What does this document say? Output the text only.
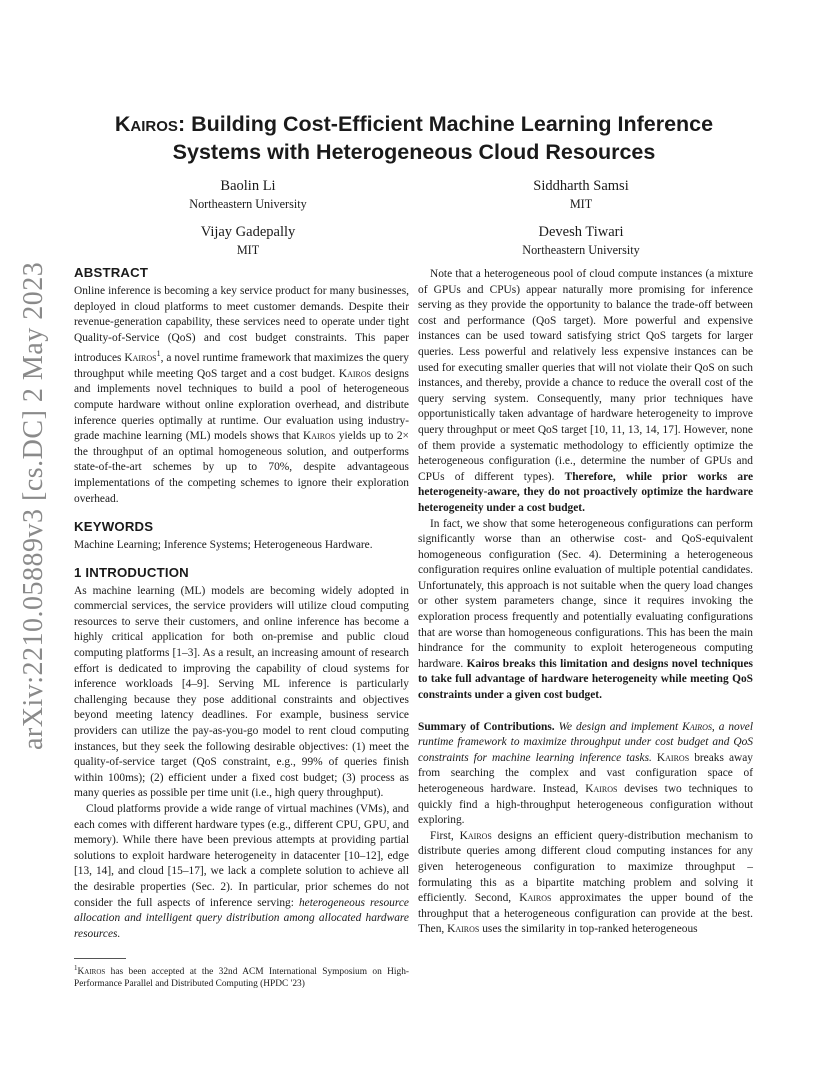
arXiv:2210.05889v3 [cs.DC] 2 May 2023
Kairos: Building Cost-Efficient Machine Learning Inference
Systems with Heterogeneous Cloud Resources
Baolin Li
Northeastern University
Siddharth Samsi
MIT
Vijay Gadepally
MIT
Devesh Tiwari
Northeastern University
ABSTRACT

Online inference is becoming a key service product for many businesses, deployed in cloud platforms to meet customer demands. Despite their revenue-generation capability, these services need to operate under tight Quality-of-Service (QoS) and cost budget constraints. This paper introduces Kairos$^1$, a novel runtime framework that maximizes the query throughput while meeting QoS target and a cost budget. Kairos designs and implements novel techniques to build a pool of heterogeneous compute hardware without online exploration overhead, and distribute inference queries optimally at runtime. Our evaluation using industry-grade machine learning (ML) models shows that Kairos yields up to 2× the throughput of an optimal homogeneous solution, and outperforms state-of-the-art schemes by up to 70%, despite advantageous implementations of the competing schemes to ignore their exploration overhead.

KEYWORDS

Machine Learning; Inference Systems; Heterogeneous Hardware.

1 INTRODUCTION

As machine learning (ML) models are becoming widely adopted in commercial services, the service providers will utilize cloud computing resources to serve their customers, and online inference has become a highly critical application for both on-premise and public cloud computing platforms [1–3]. As a result, an increasing amount of research effort is dedicated to improving the capability of cloud systems for inference workloads [4–9]. Serving ML inference is particularly challenging because they pose additional constraints and objectives beyond meeting latency deadlines. For example, business service providers can utilize the pay-as-you-go model to rent cloud computing instances, but they seek the following desirable objectives: (1) meet the quality-of-service target (QoS constraint, e.g., 99% of queries finish within 100ms); (2) efficient under a fixed cost budget; (3) process as many queries as possible per time unit (i.e., high query throughput).

Cloud platforms provide a wide range of virtual machines (VMs), and each comes with different hardware types (e.g., different CPU, GPU, and memory). While there have been previous attempts at providing partial solutions to exploit hardware heterogeneity in datacenter [10–12], edge [13, 14], and cloud [15–17], we lack a complete solution to achieve all the desirable properties (Sec. 2). In particular, prior schemes do not consider the full aspects of inference serving: heterogeneous resource allocation and intelligent query distribution among allocated hardware resources.

$^1$Kairos has been accepted at the 32nd ACM International Symposium on High-Performance Parallel and Distributed Computing (HPDC '23)

Note that a heterogeneous pool of cloud compute instances (a mixture of GPUs and CPUs) appear naturally more promising for inference serving as they provide the opportunity to balance the trade-off between cost and performance (QoS target). More powerful and expensive instances can be used toward satisfying strict QoS targets for larger queries. Less powerful and relatively less expensive instances can be used for executing smaller queries that will not violate their QoS on such instances, and thereby, provide a chance to reduce the overall cost of the query serving system. Consequently, many prior techniques have opportunistically taken advantage of hardware heterogeneity to improve query throughput or meet QoS target [10, 11, 13, 14, 17]. However, none of them provide a systematic methodology to efficiently optimize the heterogeneous configuration (i.e., determine the number of GPUs and CPUs of different types). Therefore, while prior works are heterogeneity-aware, they do not proactively optimize the hardware heterogeneity under a cost budget.

In fact, we show that some heterogeneous configurations can perform significantly worse than an otherwise cost- and QoS-equivalent homogeneous configuration (Sec. 4). Determining a heterogeneous configuration requires online evaluation of multiple potential candidates. Unfortunately, this approach is not suitable when the query load changes or other system parameters change, since it requires invoking the exploration process frequently and potentially evaluating configurations that are worse than homogeneous configurations. This has been the main hindrance for the community to exploit heterogeneous computing hardware. Kairos breaks this limitation and designs novel techniques to take full advantage of hardware heterogeneity while meeting QoS constraints under a given cost budget.

Summary of Contributions. We design and implement Kairos, a novel runtime framework to maximize throughput under cost budget and QoS constraints for machine learning inference tasks. Kairos breaks away from searching the complex and vast configuration space of heterogeneous hardware. Instead, Kairos devises two techniques to quickly find a high-throughput heterogeneous configuration without exploring.

First, Kairos designs an efficient query-distribution mechanism to distribute queries among different cloud computing instances for any given heterogeneous configuration to maximize throughput – formulating this as a bipartite matching problem and solving it efficiently. Second, Kairos approximates the upper bound of the throughput that a heterogeneous configuration can provide at the best. Then, Kairos uses the similarity in top-ranked heterogeneous
